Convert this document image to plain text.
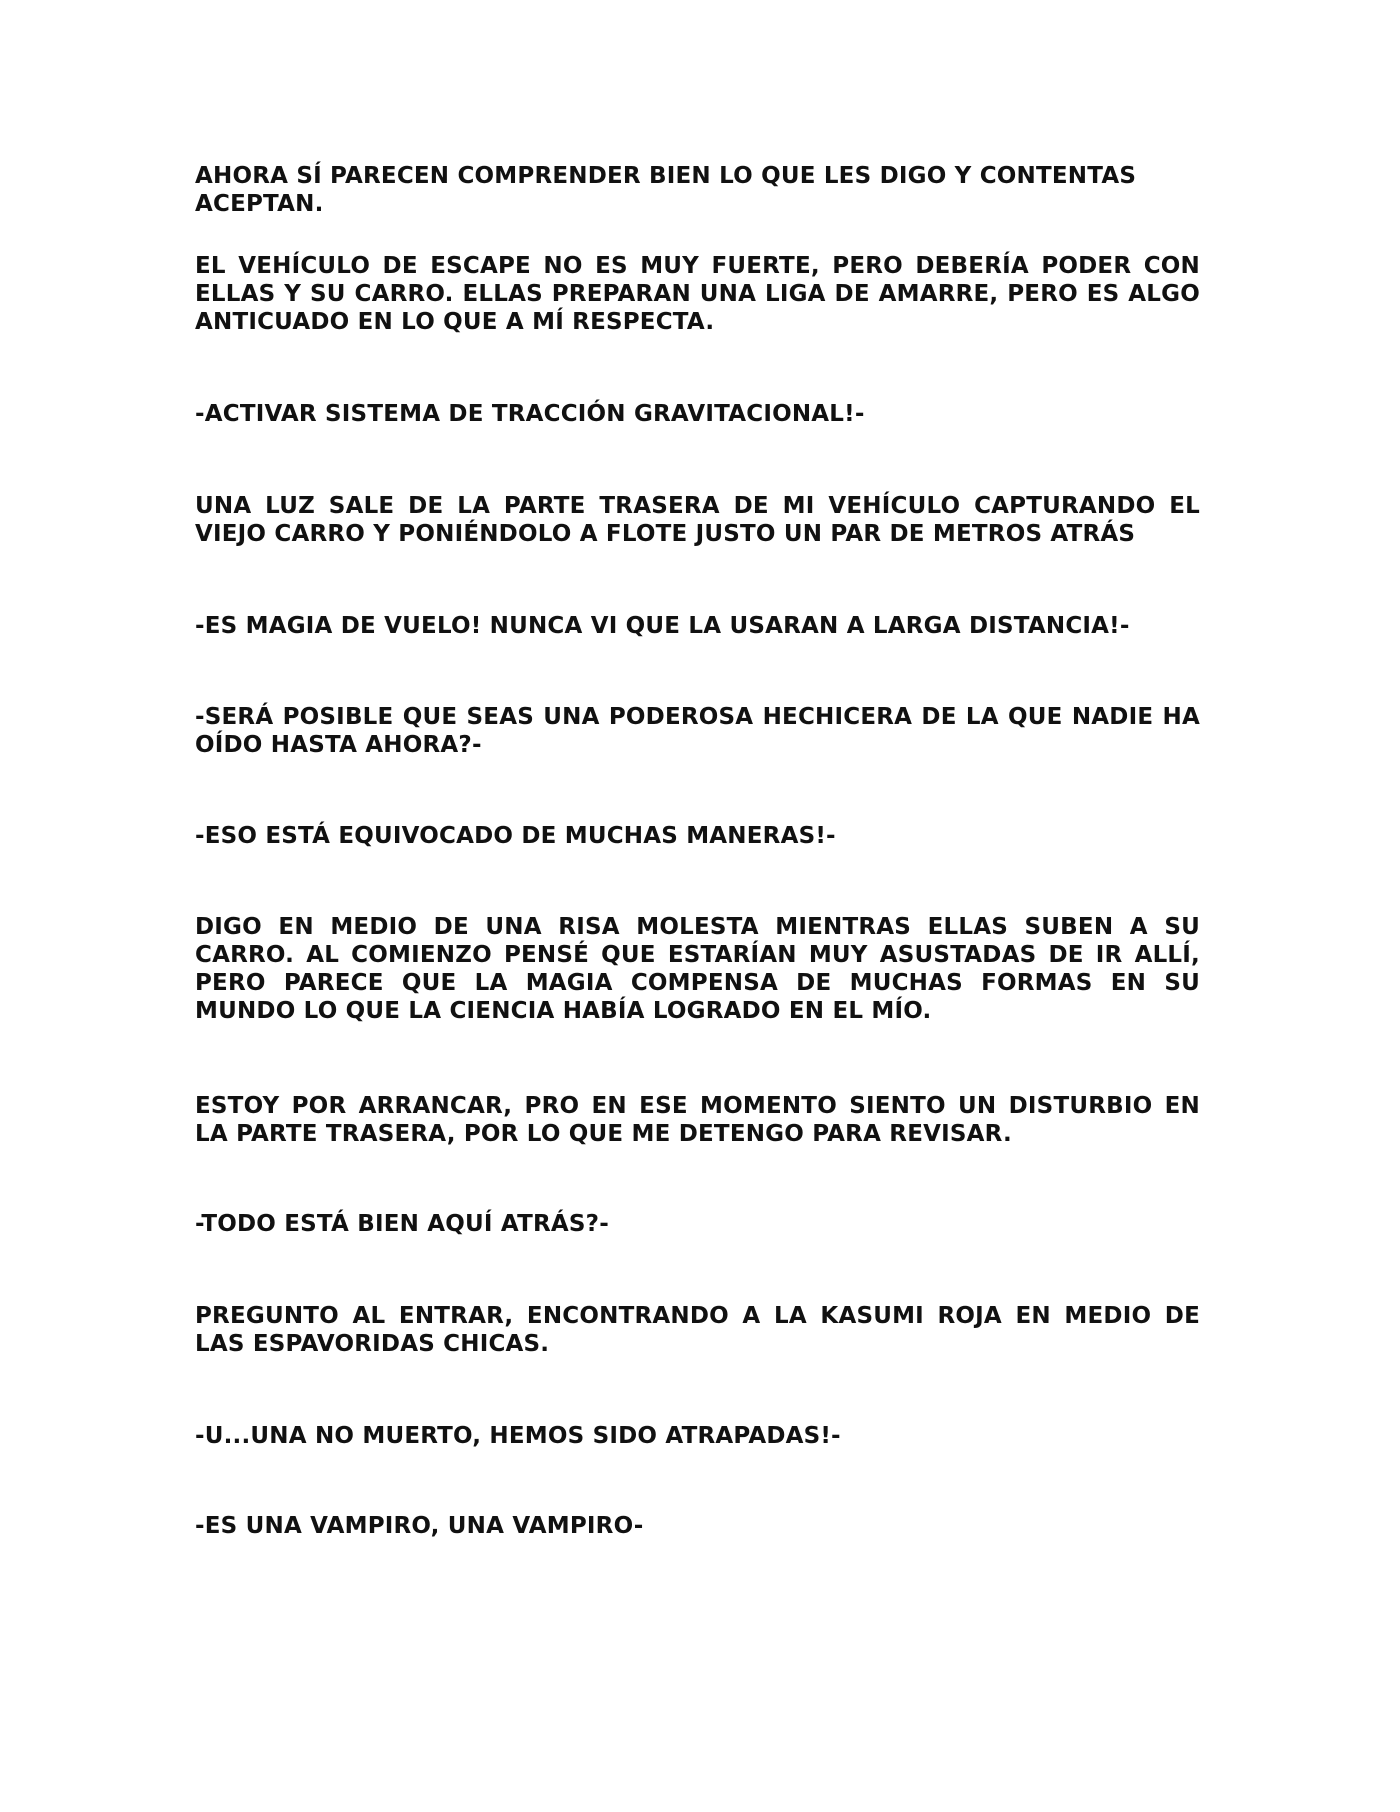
AHORA SÍ PARECEN COMPRENDER BIEN LO QUE LES DIGO Y CONTENTAS ACEPTAN.

EL VEHÍCULO DE ESCAPE NO ES MUY FUERTE, PERO DEBERÍA PODER CON ELLAS Y SU CARRO. ELLAS PREPARAN UNA LIGA DE AMARRE, PERO ES ALGO ANTICUADO EN LO QUE A MÍ RESPECTA.

-ACTIVAR SISTEMA DE TRACCIÓN GRAVITACIONAL!-

UNA LUZ SALE DE LA PARTE TRASERA DE MI VEHÍCULO CAPTURANDO EL VIEJO CARRO Y PONIÉNDOLO A FLOTE JUSTO UN PAR DE METROS ATRÁS

-ES MAGIA DE VUELO! NUNCA VI QUE LA USARAN A LARGA DISTANCIA!-

-SERÁ POSIBLE QUE SEAS UNA PODEROSA HECHICERA DE LA QUE NADIE HA OÍDO HASTA AHORA?-

-ESO ESTÁ EQUIVOCADO DE MUCHAS MANERAS!-

DIGO EN MEDIO DE UNA RISA MOLESTA MIENTRAS ELLAS SUBEN A SU CARRO. AL COMIENZO PENSÉ QUE ESTARÍAN MUY ASUSTADAS DE IR ALLÍ, PERO PARECE QUE LA MAGIA COMPENSA DE MUCHAS FORMAS EN SU MUNDO LO QUE LA CIENCIA HABÍA LOGRADO EN EL MÍO.

ESTOY POR ARRANCAR, PRO EN ESE MOMENTO SIENTO UN DISTURBIO EN LA PARTE TRASERA, POR LO QUE ME DETENGO PARA REVISAR.

-TODO ESTÁ BIEN AQUÍ ATRÁS?-

PREGUNTO AL ENTRAR, ENCONTRANDO A LA KASUMI ROJA EN MEDIO DE LAS ESPAVORIDAS CHICAS.

-U...UNA NO MUERTO, HEMOS SIDO ATRAPADAS!-

-ES UNA VAMPIRO, UNA VAMPIRO-
